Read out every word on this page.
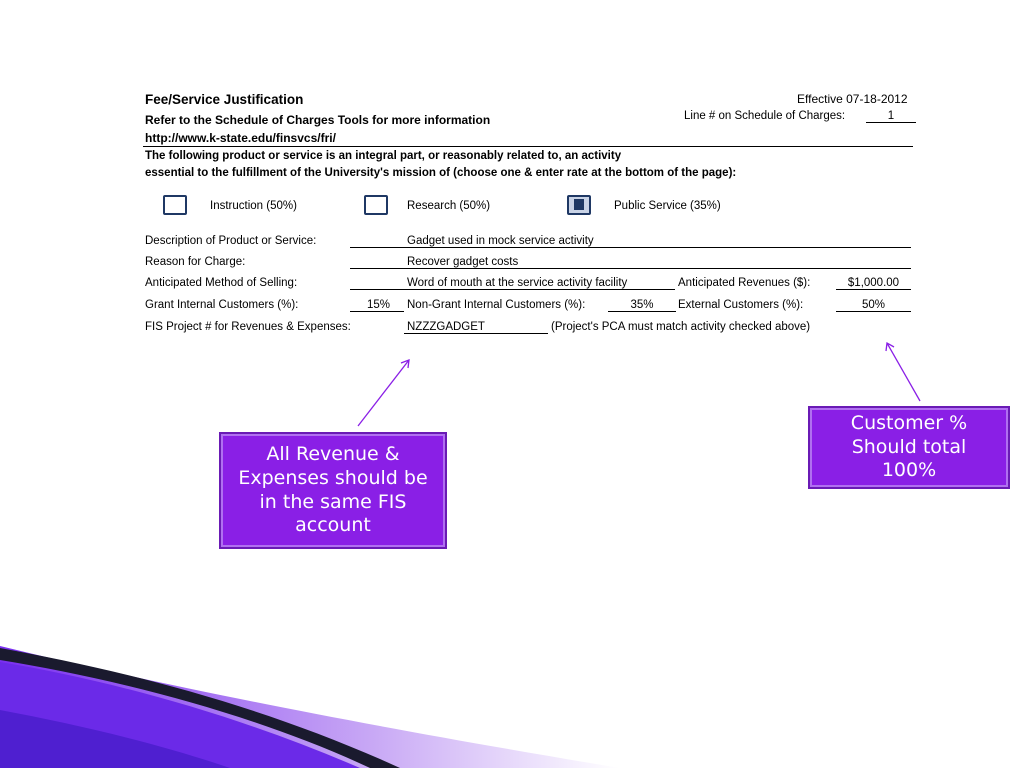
Fee/Service Justification
Refer to the Schedule of Charges Tools for more information
http://www.k-state.edu/finsvcs/fri/
Effective 07-18-2012
Line # on Schedule of Charges:	1
The following product or service is an integral part, or reasonably related to, an activity
essential to the fulfillment of the University's mission of (choose one & enter rate at the bottom of the page):
Instruction (50%)	Research (50%)	Public Service (35%)
Description of Product or Service:	Gadget used in mock service activity
Reason for Charge:	Recover gadget costs
Anticipated Method of Selling:	Word of mouth at the service activity facility	Anticipated Revenues ($):	$1,000.00
Grant Internal Customers (%):	15%	Non-Grant Internal Customers (%):	35%	External Customers (%):	50%
FIS Project # for Revenues & Expenses:	NZZZGADGET	(Project's PCA must match activity checked above)
All Revenue & Expenses should be in the same FIS account
Customer % Should total 100%
